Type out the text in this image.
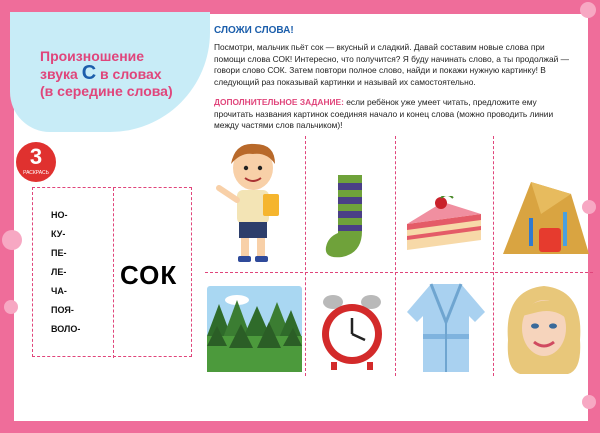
Произношение
звука С в словах
(в середине слова)
СЛОЖИ СЛОВА!
Посмотри, мальчик пьёт сок — вкусный и сладкий. Давай составим новые слова при помощи слова СОК! Интересно, что получится? Я буду начинать слово, а ты продолжай — говори слово СОК. Затем повтори полное слово, найди и покажи нужную картинку! В следующий раз показывай картинки и называй их самостоятельно.
ДОПОЛНИТЕЛЬНОЕ ЗАДАНИЕ: если ребёнок уже умеет читать, предложите ему прочитать названия картинок соединяя начало и конец слова (можно проводить линии между частями слов пальчиком)!
3
РАСКРАСЬ
НО-
КУ-
ПЕ-
ЛЕ-
ЧА-
ПОЯ-
ВОЛО-
СОК
18
